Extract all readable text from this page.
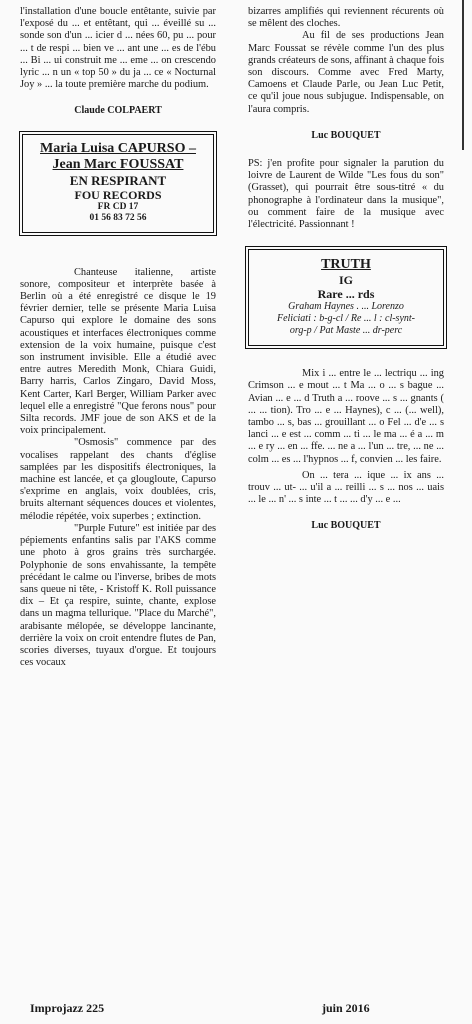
l'installation d'une boucle entêtante, suivie par l'exposé du ... et entêtant, qui ... éveillé su ... sonde son d'un ... icier d ... nées 60, pu ... pour ... t de respi ... bien ve ... ant une ... es de l'ébu ... Bi ... ui construit me ... eme ... on crescendo lyric ... n un « top 50 » du ja ... ce « Nocturnal Joy » ... la toute première marche du podium.

Claude COLPAERT

Maria Luisa CAPURSO –
Jean Marc FOUSSAT
EN RESPIRANT
FOU RECORDS
FR CD 17
01 56 83 72 56

Chanteuse italienne, artiste sonore, compositeur et interprète basée à Berlin où a été enregistré ce disque le 19 février dernier, telle se présente Maria Luisa Capurso qui explore le domaine des sons acoustiques et interfaces électroniques comme extension de la voix humaine, puisque c'est son instrument invisible. Elle a étudié avec entre autres Meredith Monk, Chiara Guidi, Barry harris, Carlos Zingaro, David Moss, Kent Carter, Karl Berger, William Parker avec lequel elle a enregistré "Que ferons nous" pour Silta records. JMF joue de son AKS et de la voix principalement.

"Osmosis" commence par des vocalises rappelant des chants d'église samplées par les dispositifs électroniques, la machine est lancée, et ça glougloute, Capurso s'exprime en anglais, voix doublées, cris, bruits alternant séquences douces et violentes, mélodie répétée, voix superbes ; extinction.

"Purple Future" est initiée par des pépiements enfantins salis par l'AKS comme une photo à gros grains très surchargée. Polyphonie de sons envahissante, la tempête précédant le calme ou l'inverse, bribes de mots sans queue ni tête, - Kristoff K. Roll puissance dix – Et ça respire, suinte, chante, explose dans un magma tellurique. "Place du Marché", arabisante mélopée, se développe lancinante, derrière la voix on croit entendre flutes de Pan, scories diverses, tuyaux d'orgue. Et toujours ces vocaux

bizarres amplifiés qui reviennent récurents où se mêlent des cloches.

Au fil de ses productions Jean Marc Foussat se révèle comme l'un des plus grands créateurs de sons, affinant à chaque fois son discours. Comme avec Fred Marty, Camoens et Claude Parle, ou Jean Luc Petit, ce qu'il joue nous subjugue. Indispensable, on l'aura compris.

Luc BOUQUET

PS: j'en profite pour signaler la parution du loivre de Laurent de Wilde "Les fous du son" (Grasset), qui pourrait être sous-titré « du phonographe à l'ordinateur dans la musique", ou comment faire de la musique avec l'électricité. Passionnant !

TRUTH
IG
Rare ... rds
Graham Haynes . ... Lorenzo
Feliciati : b-g-cl / Re ... l : cl-synt-
org-p / Pat Maste ... dr-perc

Mix i ... entre le ... lectriqu ... ing Crimson ... e mout ... t Ma ... o ... s bague ... Avian ... e ... d Truth a ... roove ... s ... gnants ( ... ... tion). Tro ... e ... Haynes), c ... (... well), tambo ... s, bas ... grouillant ... o Fel ... d'e ... s lanci ... e est ... comm ... ti ... le ma ... é a ... m ... e ry ... en ... ffe. ... ne a ... l'un ... tre, ... ne ... colm ... es ... l'hypnos ... f, convien ... les faire.

On ... tera ... ique ... ix ans ... trouv ... ut- ... u'il a ... reilli ... s ... nos ... uais ... le ... n' ... s inte ... t ... ... d'y ... e ...

Luc BOUQUET

Improjazz 225	juin 2016
